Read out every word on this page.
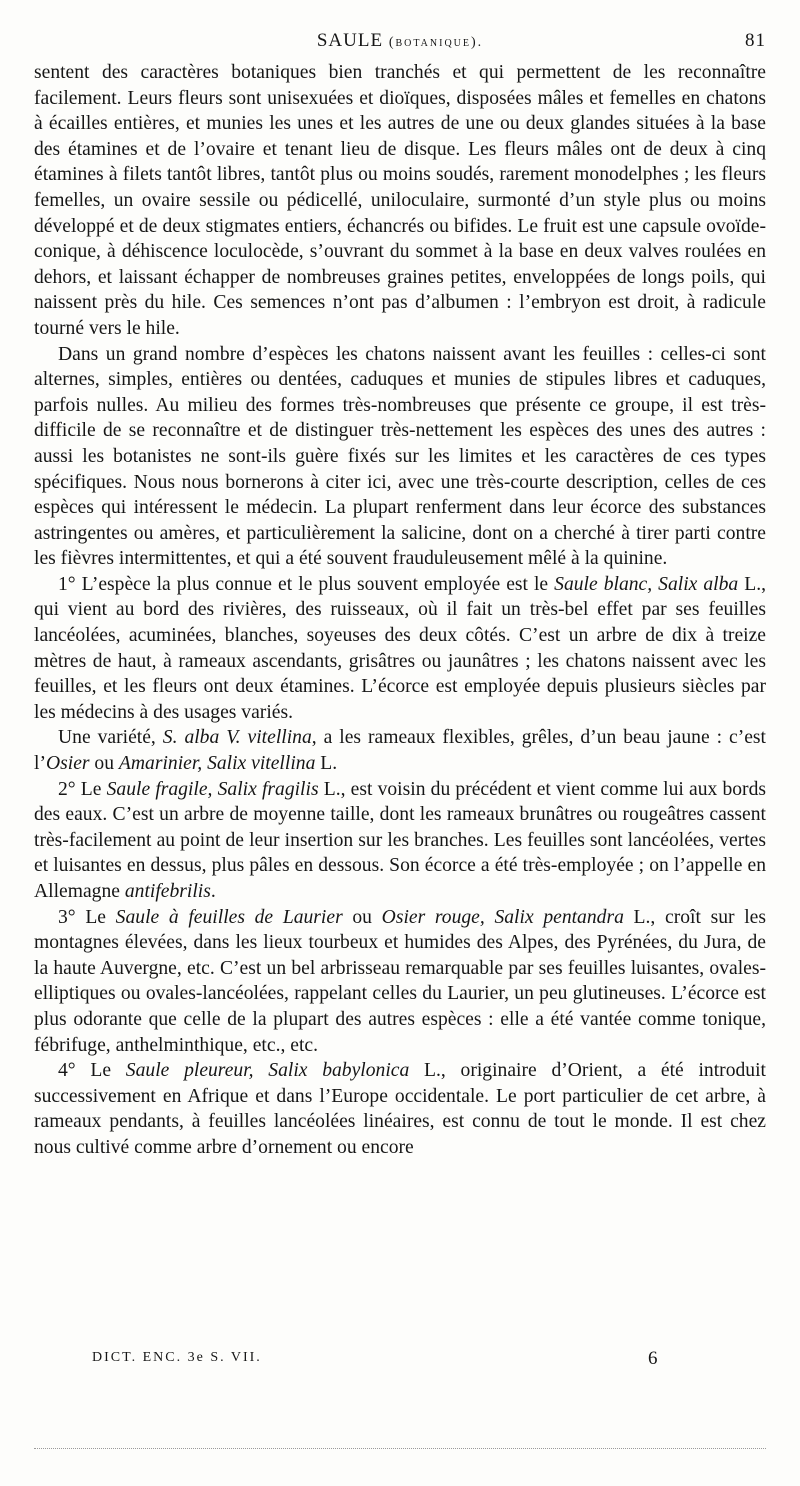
SAULE (botanique).	81

sentent des caractères botaniques bien tranchés et qui permettent de les reconnaître facilement. Leurs fleurs sont unisexuées et dioïques, disposées mâles et femelles en chatons à écailles entières, et munies les unes et les autres de une ou deux glandes situées à la base des étamines et de l’ovaire et tenant lieu de disque. Les fleurs mâles ont de deux à cinq étamines à filets tantôt libres, tantôt plus ou moins soudés, rarement monodelphes ; les fleurs femelles, un ovaire sessile ou pédicellé, uniloculaire, surmonté d’un style plus ou moins développé et de deux stigmates entiers, échancrés ou bifides. Le fruit est une capsule ovoïde-conique, à déhiscence loculocède, s’ouvrant du sommet à la base en deux valves roulées en dehors, et laissant échapper de nombreuses graines petites, enveloppées de longs poils, qui naissent près du hile. Ces semences n’ont pas d’albumen : l’embryon est droit, à radicule tourné vers le hile.

Dans un grand nombre d’espèces les chatons naissent avant les feuilles : celles-ci sont alternes, simples, entières ou dentées, caduques et munies de stipules libres et caduques, parfois nulles. Au milieu des formes très-nombreuses que présente ce groupe, il est très-difficile de se reconnaître et de distinguer très-nettement les espèces des unes des autres : aussi les botanistes ne sont-ils guère fixés sur les limites et les caractères de ces types spécifiques. Nous nous bornerons à citer ici, avec une très-courte description, celles de ces espèces qui intéressent le médecin. La plupart renferment dans leur écorce des substances astringentes ou amères, et particulièrement la salicine, dont on a cherché à tirer parti contre les fièvres intermittentes, et qui a été souvent frauduleusement mêlé à la quinine.

1° L’espèce la plus connue et le plus souvent employée est le Saule blanc, Salix alba L., qui vient au bord des rivières, des ruisseaux, où il fait un très-bel effet par ses feuilles lancéolées, acuminées, blanches, soyeuses des deux côtés. C’est un arbre de dix à treize mètres de haut, à rameaux ascendants, grisâtres ou jaunâtres ; les chatons naissent avec les feuilles, et les fleurs ont deux étamines. L’écorce est employée depuis plusieurs siècles par les médecins à des usages variés.

Une variété, S. alba V. vitellina, a les rameaux flexibles, grêles, d’un beau jaune : c’est l’Osier ou Amarinier, Salix vitellina L.

2° Le Saule fragile, Salix fragilis L., est voisin du précédent et vient comme lui aux bords des eaux. C’est un arbre de moyenne taille, dont les rameaux brunâtres ou rougeâtres cassent très-facilement au point de leur insertion sur les branches. Les feuilles sont lancéolées, vertes et luisantes en dessus, plus pâles en dessous. Son écorce a été très-employée ; on l’appelle en Allemagne antifebrilis.

3° Le Saule à feuilles de Laurier ou Osier rouge, Salix pentandra L., croît sur les montagnes élevées, dans les lieux tourbeux et humides des Alpes, des Pyrénées, du Jura, de la haute Auvergne, etc. C’est un bel arbrisseau remarquable par ses feuilles luisantes, ovales-elliptiques ou ovales-lancéolées, rappelant celles du Laurier, un peu glutineuses. L’écorce est plus odorante que celle de la plupart des autres espèces : elle a été vantée comme tonique, fébrifuge, anthelminthique, etc., etc.

4° Le Saule pleureur, Salix babylonica L., originaire d’Orient, a été introduit successivement en Afrique et dans l’Europe occidentale. Le port particulier de cet arbre, à rameaux pendants, à feuilles lancéolées linéaires, est connu de tout le monde. Il est chez nous cultivé comme arbre d’ornement ou encore

DICT. ENC. 3e S. VII.	6
